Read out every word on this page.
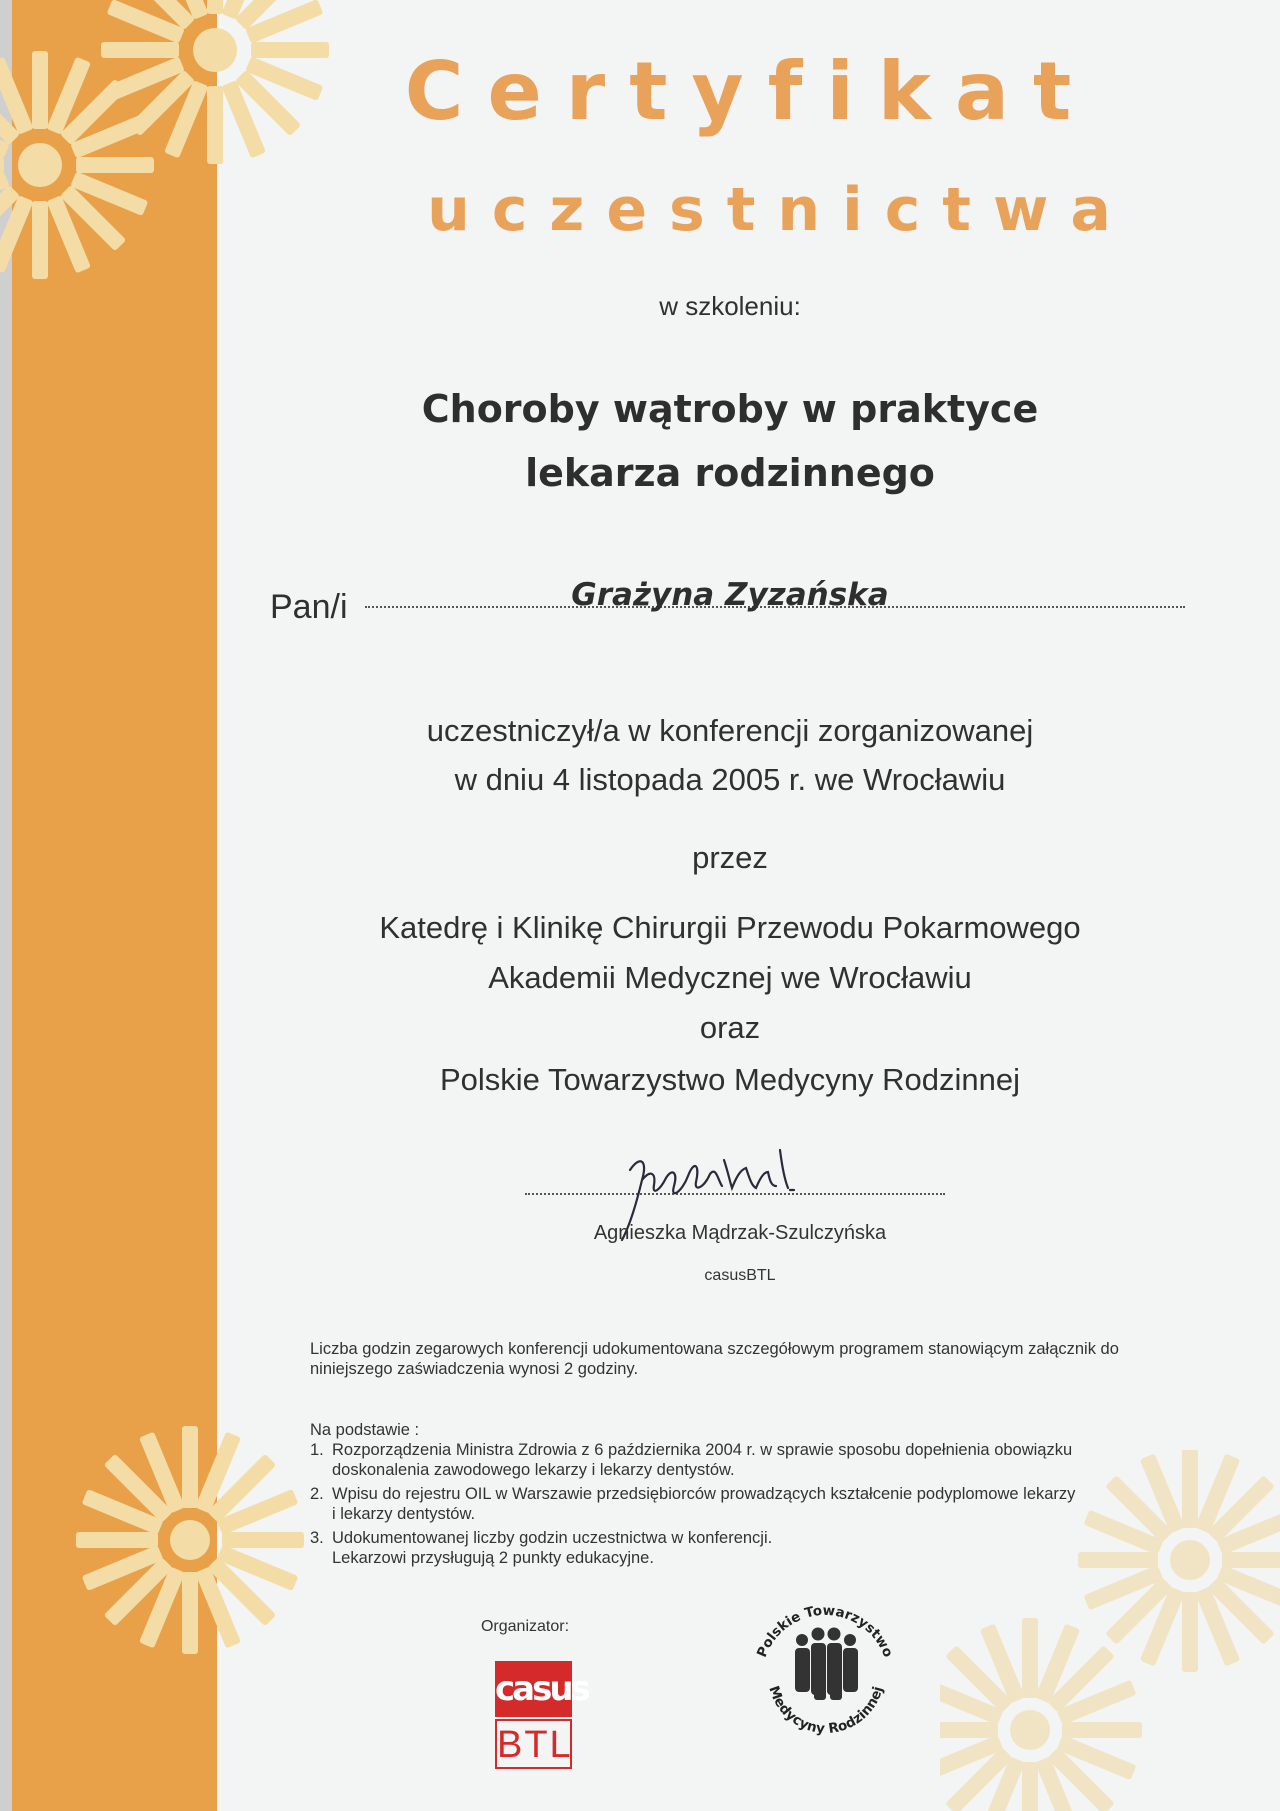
Certyfikat
uczestnictwa
w szkoleniu:
Choroby wątroby w praktyce
lekarza rodzinnego
Pan/i	Grażyna Zyzańska
uczestniczył/a w konferencji zorganizowanej
w dniu 4 listopada 2005 r. we Wrocławiu
przez
Katedrę i Klinikę Chirurgii Przewodu Pokarmowego
Akademii Medycznej we Wrocławiu
oraz
Polskie Towarzystwo Medycyny Rodzinnej
Agnieszka Mądrzak-Szulczyńska
casusBTL

Liczba godzin zegarowych konferencji udokumentowana szczegółowym programem stanowiącym załącznik do

niniejszego zaświadczenia wynosi 2 godziny.

Na podstawie :
1. Rozporządzenia Ministra Zdrowia z 6 października 2004 r. w sprawie sposobu dopełnienia obowiązku
doskonalenia zawodowego lekarzy i lekarzy dentystów.
2. Wpisu do rejestru OIL w Warszawie przedsiębiorców prowadzących kształcenie podyplomowe lekarzy
i lekarzy dentystów.
3. Udokumentowanej liczby godzin uczestnictwa w konferencji.
Lekarzowi przysługują 2 punkty edukacyjne.
Organizator:
casus
BTL
Polskie Towarzystwo
Medycyny Rodzinnej
